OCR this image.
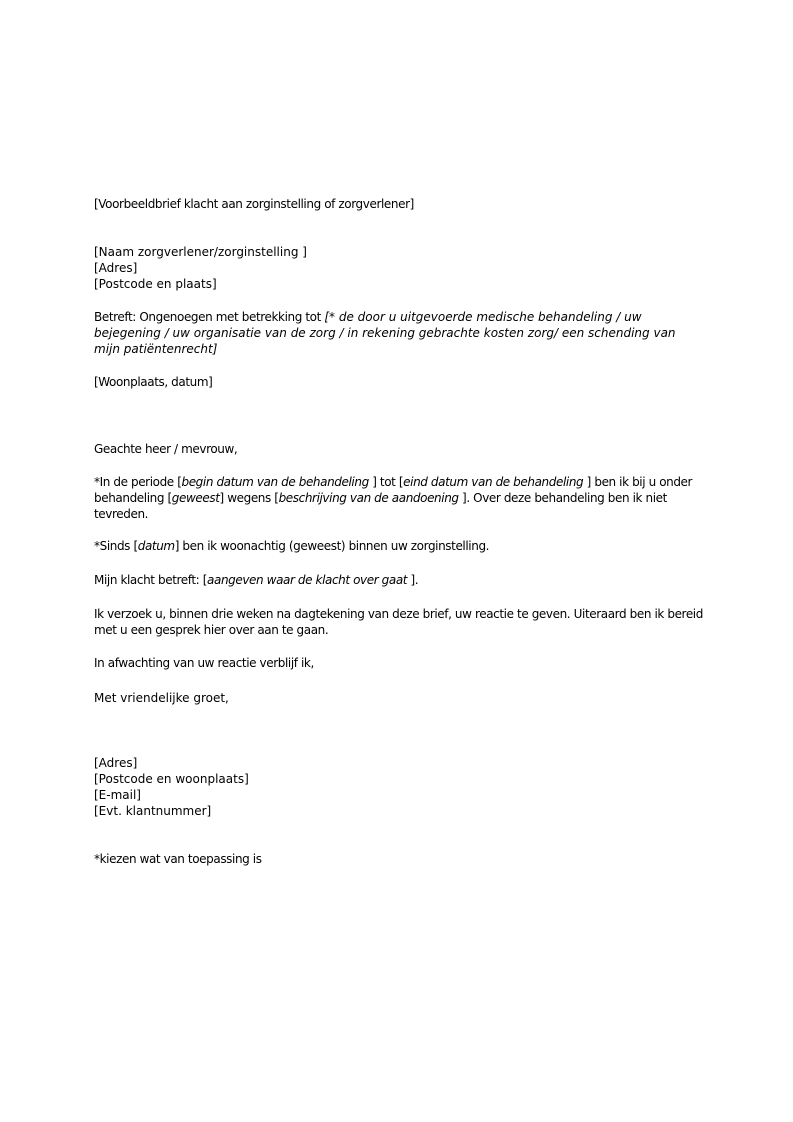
[Voorbeeldbrief klacht aan zorginstelling of zorgverlener]

[Naam zorgverlener/zorginstelling ]
[Adres]
[Postcode en plaats]

Betreft: Ongenoegen met betrekking tot [* de door u uitgevoerde medische behandeling / uw bejegening / uw organisatie van de zorg / in rekening gebrachte kosten zorg/ een schending van mijn patiëntenrecht]

[Woonplaats, datum]

Geachte heer / mevrouw,

*In de periode [begin datum van de behandeling ] tot [eind datum van de behandeling ] ben ik bij u onder behandeling [geweest] wegens [beschrijving van de aandoening ]. Over deze behandeling ben ik niet tevreden.

*Sinds [datum] ben ik woonachtig (geweest) binnen uw zorginstelling.

Mijn klacht betreft: [aangeven waar de klacht over gaat ].

Ik verzoek u, binnen drie weken na dagtekening van deze brief, uw reactie te geven. Uiteraard ben ik bereid met u een gesprek hier over aan te gaan.

In afwachting van uw reactie verblijf ik,

Met vriendelijke groet,

[Adres]
[Postcode en woonplaats]
[E-mail]
[Evt. klantnummer]

*kiezen wat van toepassing is
